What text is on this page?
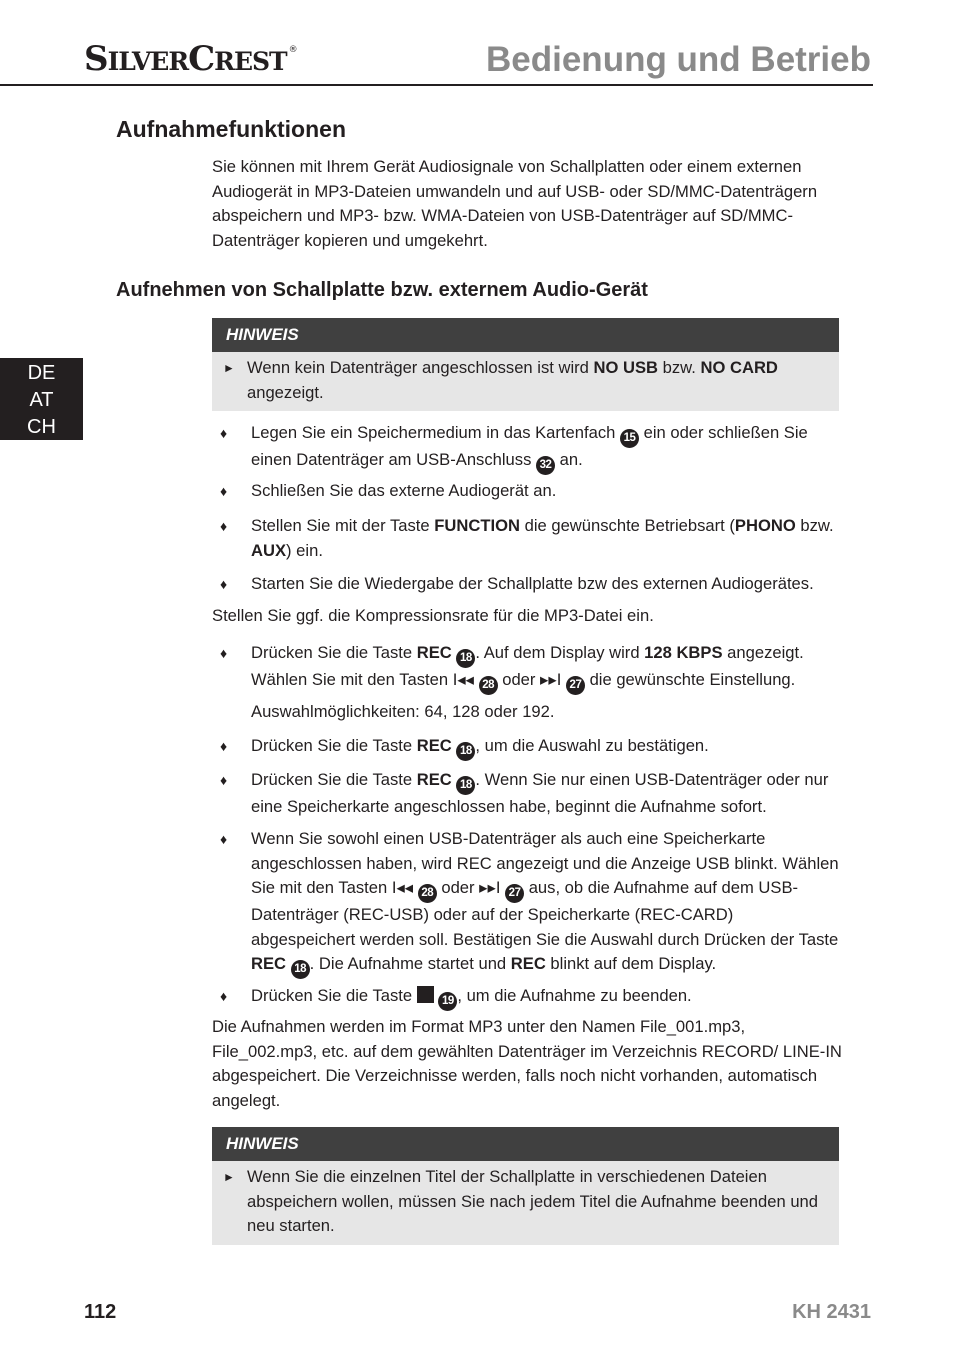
SILVERCREST ®	Bedienung und Betrieb
DE
AT
CH
Aufnahmefunktionen
Sie können mit Ihrem Gerät Audiosignale von Schallplatten oder einem externen Audiogerät in MP3-Dateien umwandeln und auf USB- oder SD/MMC-Datenträgern abspeichern und MP3- bzw. WMA-Dateien von USB-Datenträger auf SD/MMC-Datenträger kopieren und umgekehrt.
Aufnehmen von Schallplatte bzw. externem Audio-Gerät
HINWEIS
► Wenn kein Datenträger angeschlossen ist wird NO USB bzw. NO CARD angezeigt.
♦ Legen Sie ein Speichermedium in das Kartenfach 15 ein oder schließen Sie einen Datenträger am USB-Anschluss 32 an.
♦ Schließen Sie das externe Audiogerät an.
♦ Stellen Sie mit der Taste FUNCTION die gewünschte Betriebsart (PHONO bzw. AUX) ein.
♦ Starten Sie die Wiedergabe der Schallplatte bzw des externen Audiogerätes.
Stellen Sie ggf. die Kompressionsrate für die MP3-Datei ein.
♦ Drücken Sie die Taste REC 18 . Auf dem Display wird 128 KBPS angezeigt. Wählen Sie mit den Tasten I◂◂ 28 oder ▸▸I 27 die gewünschte Einstellung.
Auswahlmöglichkeiten: 64, 128 oder 192.
♦ Drücken Sie die Taste REC 18 , um die Auswahl zu bestätigen.
♦ Drücken Sie die Taste REC 18 . Wenn Sie nur einen USB-Datenträger oder nur eine Speicherkarte angeschlossen habe, beginnt die Aufnahme sofort.
♦ Wenn Sie sowohl einen USB-Datenträger als auch eine Speicherkarte angeschlossen haben, wird REC angezeigt und die Anzeige USB blinkt. Wählen Sie mit den Tasten I◂◂ 28 oder ▸▸I 27 aus, ob die Aufnahme auf dem USB-Datenträger (REC-USB) oder auf der Speicherkarte (REC-CARD) abgespeichert werden soll. Bestätigen Sie die Auswahl durch Drücken der Taste REC 18 . Die Aufnahme startet und REC blinkt auf dem Display.
♦ Drücken Sie die Taste  19 , um die Aufnahme zu beenden.
Die Aufnahmen werden im Format MP3 unter den Namen File_001.mp3, File_002.mp3, etc. auf dem gewählten Datenträger im Verzeichnis RECORD/ LINE-IN abgespeichert. Die Verzeichnisse werden, falls noch nicht vorhanden, automatisch angelegt.
HINWEIS
► Wenn Sie die einzelnen Titel der Schallplatte in verschiedenen Dateien abspeichern wollen, müssen Sie nach jedem Titel die Aufnahme beenden und neu starten.
112	KH 2431
